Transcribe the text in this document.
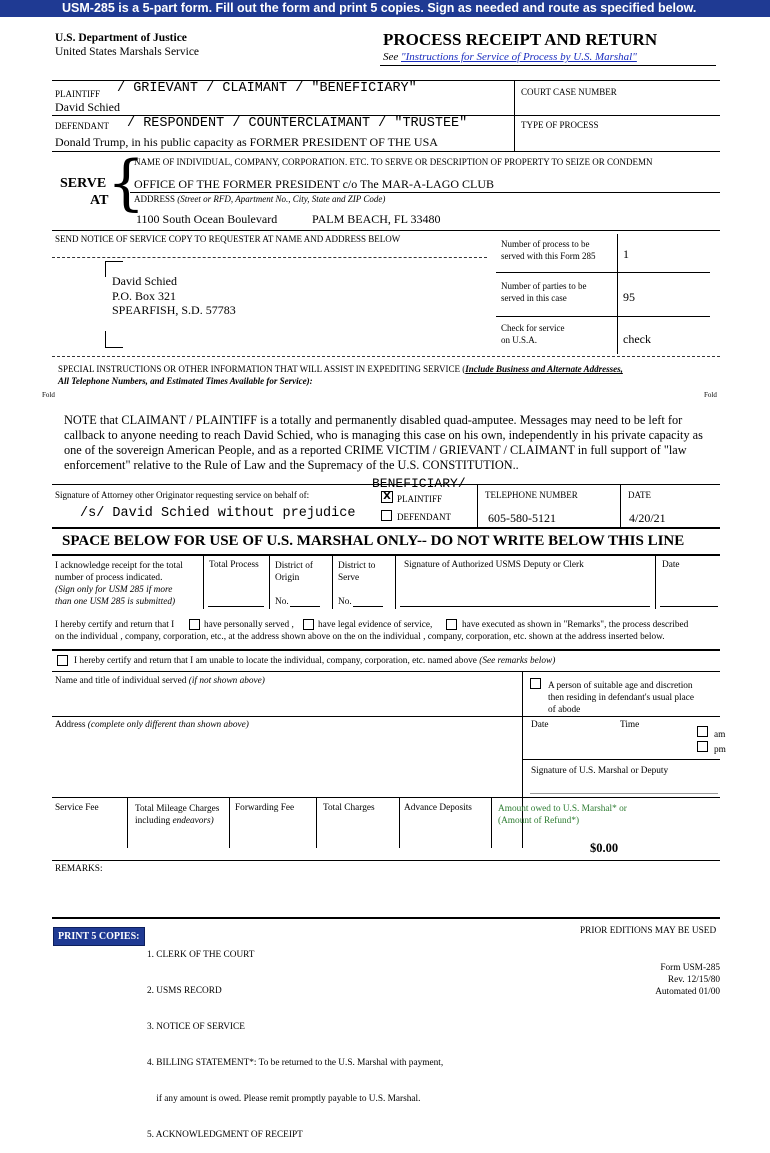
USM-285 is a 5-part form. Fill out the form and print 5 copies. Sign as needed and route as specified below.
U.S. Department of Justice
United States Marshals Service
PROCESS RECEIPT AND RETURN
See "Instructions for Service of Process by U.S. Marshal"
PLAINTIFF / GRIEVANT / CLAIMANT / "BENEFICIARY"
David Schied
COURT CASE NUMBER
DEFENDANT / RESPONDENT / COUNTERCLAIMANT / "TRUSTEE"
Donald Trump, in his public capacity as FORMER PRESIDENT OF THE USA
TYPE OF PROCESS
SERVE
AT
{
NAME OF INDIVIDUAL, COMPANY, CORPORATION. ETC. TO SERVE OR DESCRIPTION OF PROPERTY TO SEIZE OR CONDEMN
OFFICE OF THE FORMER PRESIDENT c/o The MAR-A-LAGO CLUB
ADDRESS (Street or RFD, Apartment No., City, State and ZIP Code)
1100 South Ocean Boulevard	PALM BEACH, FL 33480
SEND NOTICE OF SERVICE COPY TO REQUESTER AT NAME AND ADDRESS BELOW
David Schied
P.O. Box 321
SPEARFISH, S.D. 57783
Number of process to be
served with this Form 285 1
Number of parties to be
served in this case	95
Check for service
on U.S.A.	check
SPECIAL INSTRUCTIONS OR OTHER INFORMATION THAT WILL ASSIST IN EXPEDITING SERVICE (Include Business and Alternate Addresses,
All Telephone Numbers, and Estimated Times Available for Service):
Fold	Fold
NOTE that CLAIMANT / PLAINTIFF is a totally and permanently disabled quad-amputee. Messages may need to be left for callback to anyone needing to reach David Schied, who is managing this case on his own, independently in his private capacity as one of the sovereign American People, and as a reported CRIME VICTIM / GRIEVANT / CLAIMANT in full support of "law enforcement" relative to the Rule of Law and the Supremacy of the U.S. CONSTITUTION..
Signature of Attorney other Originator requesting service on behalf of:
BENEFICIARY/
X PLAINTIFF
DEFENDANT
/s/ David Schied without prejudice
TELEPHONE NUMBER
605-580-5121
DATE
4/20/21
SPACE BELOW FOR USE OF U.S. MARSHAL ONLY-- DO NOT WRITE BELOW THIS LINE
I acknowledge receipt for the total
number of process indicated.
(Sign only for USM 285 if more
than one USM 285 is submitted)
Total Process District of
Origin
No.
District to
Serve
No.
Signature of Authorized USMS Deputy or Clerk	Date
I hereby certify and return that I	have personally served ,	have legal evidence of service,	have executed as shown in "Remarks", the process described
on the individual , company, corporation, etc., at the address shown above on the on the individual , company, corporation, etc. shown at the address inserted below.
I hereby certify and return that I am unable to locate the individual, company, corporation, etc. named above (See remarks below)
Name and title of individual served (if not shown above)	A person of suitable age and discretion
then residing in defendant's usual place
of abode
Address (complete only different than shown above)	Date	Time
am
pm
Signature of U.S. Marshal or Deputy
Service Fee	Total Mileage Charges
including endeavors)
Forwarding Fee	Total Charges	Advance Deposits	Amount owed to U.S. Marshal* or
(Amount of Refund*)
$0.00
REMARKS:
PRINT 5 COPIES:

1. CLERK OF THE COURT

2. USMS RECORD

3. NOTICE OF SERVICE

4. BILLING STATEMENT*: To be returned to the U.S. Marshal with payment,

if any amount is owed. Please remit promptly payable to U.S. Marshal.

5. ACKNOWLEDGMENT OF RECEIPT

PRIOR EDITIONS MAY BE USED
Form USM-285
Rev. 12/15/80
Automated 01/00
